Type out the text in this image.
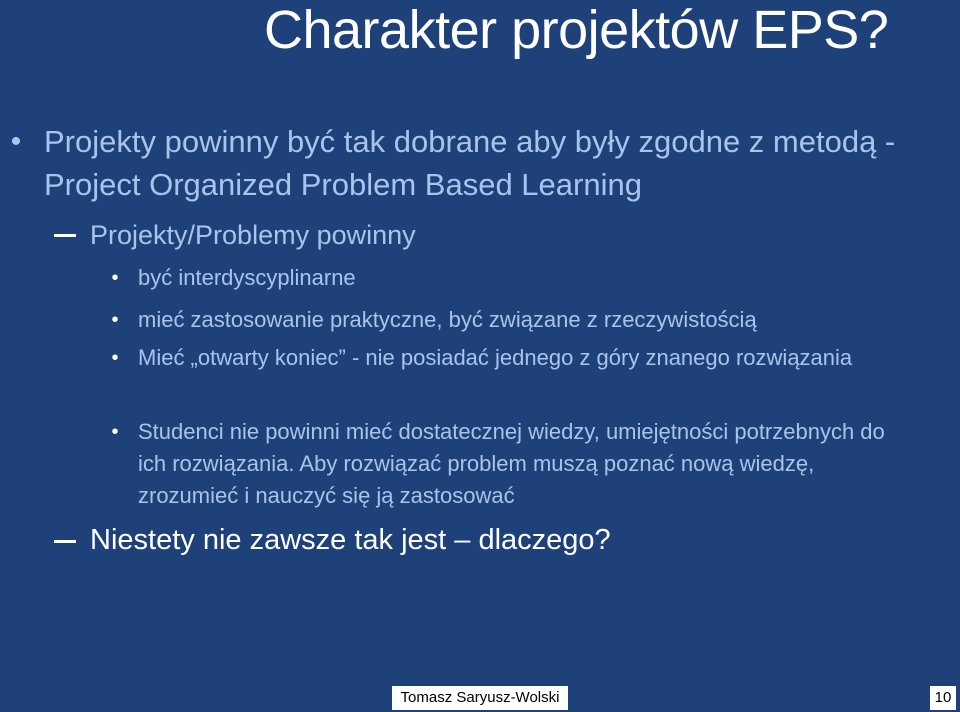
Charakter projektów EPS?
• Projekty powinny być tak dobrane aby były zgodne z metodą - Project Organized Problem Based Learning
Projekty/Problemy powinny
• być interdyscyplinarne
• mieć zastosowanie praktyczne, być związane z rzeczywistością
• Mieć „otwarty koniec” - nie posiadać jednego z góry znanego rozwiązania
• Studenci nie powinni mieć dostatecznej wiedzy, umiejętności potrzebnych do ich rozwiązania. Aby rozwiązać problem muszą poznać nową wiedzę, zrozumieć i nauczyć się ją zastosować
Niestety nie zawsze tak jest – dlaczego?
Tomasz Saryusz-Wolski	10
